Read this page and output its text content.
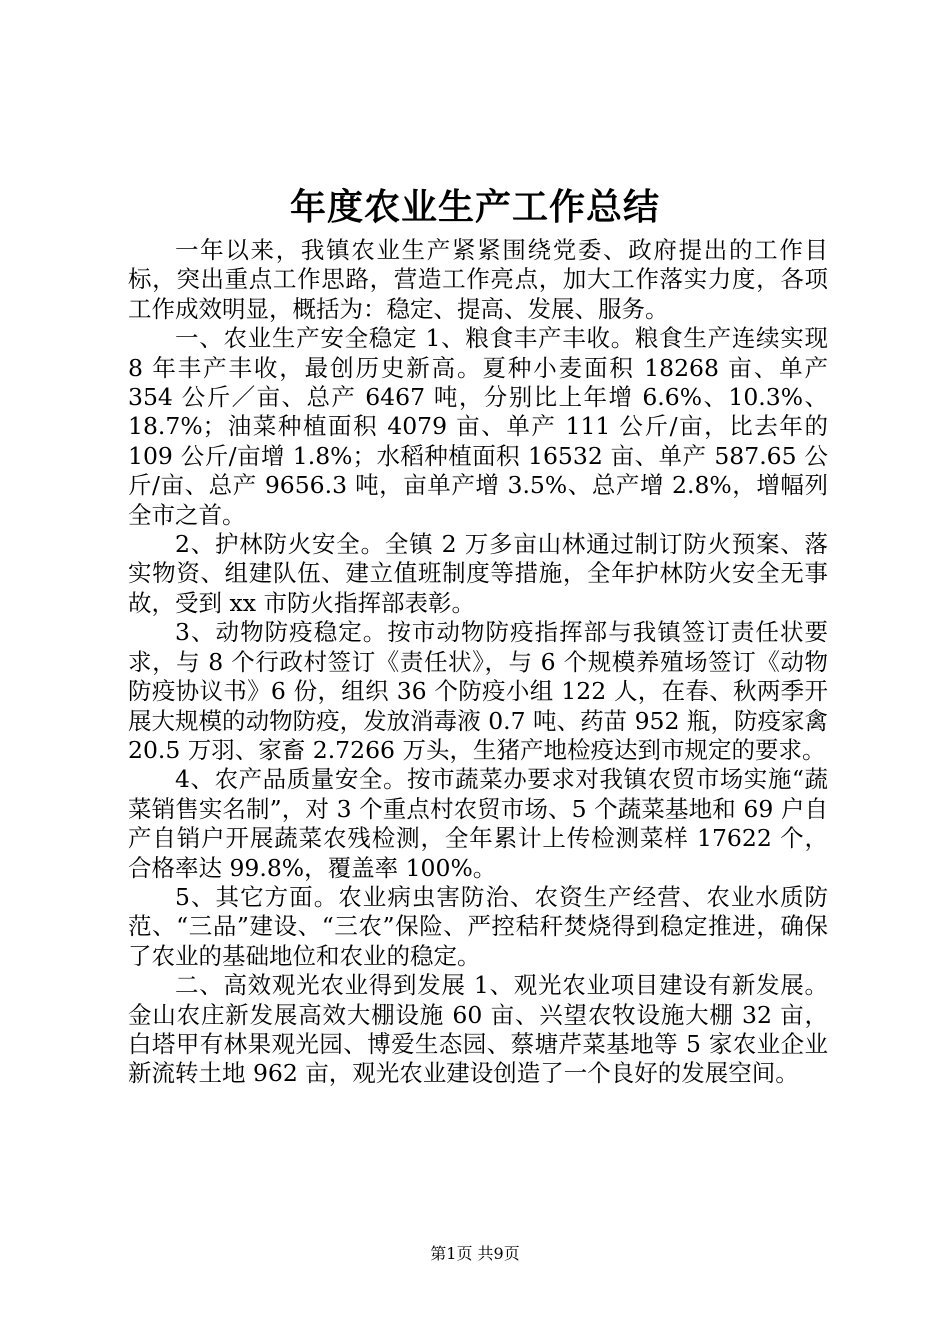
年度农业生产工作总结

一年以来，我镇农业生产紧紧围绕党委、政府提出的工作目标，突出重点工作思路，营造工作亮点，加大工作落实力度，各项工作成效明显，概括为：稳定、提高、发展、服务。

一、农业生产安全稳定 1、粮食丰产丰收。粮食生产连续实现 8 年丰产丰收，最创历史新高。夏种小麦面积 18268 亩、单产 354 公斤／亩、总产 6467 吨，分别比上年增 6.6%、10.3%、18.7%；油菜种植面积 4079 亩、单产 111 公斤/亩，比去年的 109 公斤/亩增 1.8%；水稻种植面积 16532 亩、单产 587.65 公斤/亩、总产 9656.3 吨，亩单产增 3.5%、总产增 2.8%，增幅列全市之首。

2、护林防火安全。全镇 2 万多亩山林通过制订防火预案、落实物资、组建队伍、建立值班制度等措施，全年护林防火安全无事故，受到 xx 市防火指挥部表彰。

3、动物防疫稳定。按市动物防疫指挥部与我镇签订责任状要求，与 8 个行政村签订《责任状》，与 6 个规模养殖场签订《动物防疫协议书》6 份，组织 36 个防疫小组 122 人，在春、秋两季开展大规模的动物防疫，发放消毒液 0.7 吨、药苗 952 瓶，防疫家禽 20.5 万羽、家畜 2.7266 万头，生猪产地检疫达到市规定的要求。

4、农产品质量安全。按市蔬菜办要求对我镇农贸市场实施“蔬菜销售实名制”，对 3 个重点村农贸市场、5 个蔬菜基地和 69 户自产自销户开展蔬菜农残检测，全年累计上传检测菜样 17622 个，合格率达 99.8%，覆盖率 100%。

5、其它方面。农业病虫害防治、农资生产经营、农业水质防范、“三品”建设、“三农”保险、严控秸秆焚烧得到稳定推进，确保了农业的基础地位和农业的稳定。

二、高效观光农业得到发展 1、观光农业项目建设有新发展。金山农庄新发展高效大棚设施 60 亩、兴望农牧设施大棚 32 亩，白塔甲有林果观光园、博爱生态园、蔡塘芹菜基地等 5 家农业企业新流转土地 962 亩，观光农业建设创造了一个良好的发展空间。

第1页 共9页
